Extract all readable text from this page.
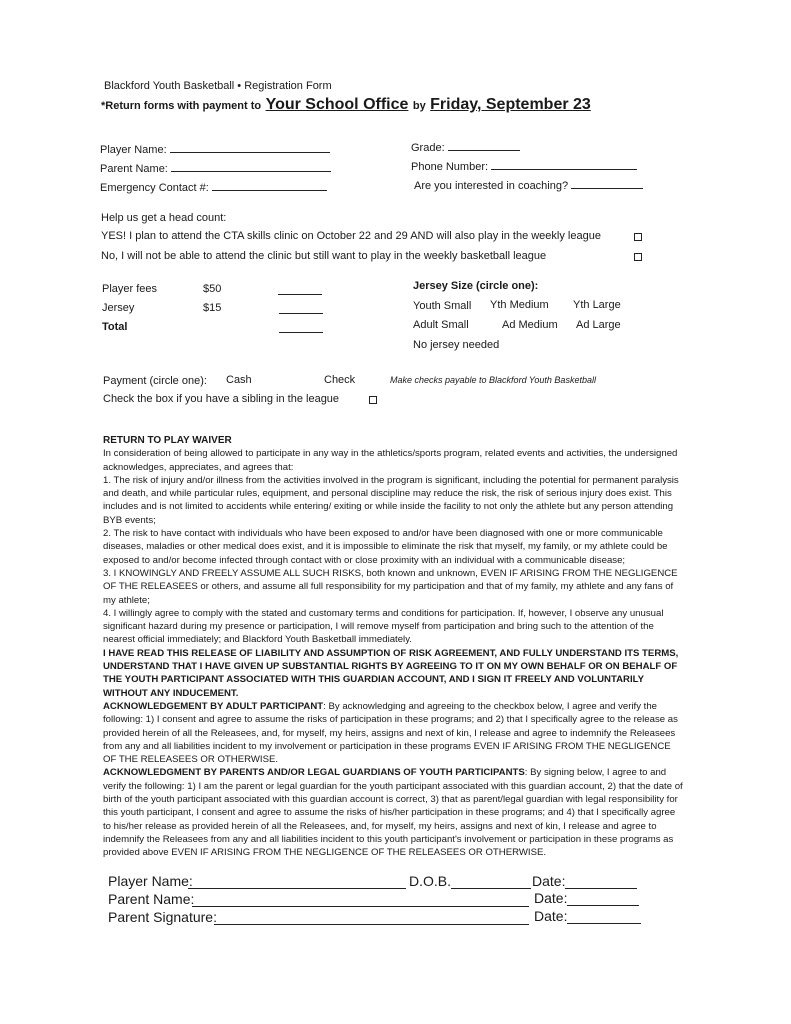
Blackford Youth Basketball • Registration Form
*Return forms with payment to Your School Office by Friday, September 23
Player Name:
Parent Name:
Emergency Contact #:
Grade:
Phone Number:
Are you interested in coaching?
Help us get a head count:
YES! I plan to attend the CTA skills clinic on October 22 and 29 AND will also play in the weekly league
No, I will not be able to attend the clinic but still want to play in the weekly basketball league
Player fees	$50
Jersey	$15
Total
Jersey Size (circle one):
Youth Small Yth Medium Yth Large
Adult Small	Ad Medium Ad Large
No jersey needed
Payment (circle one): Cash	Check	Make checks payable to Blackford Youth Basketball
Check the box if you have a sibling in the league

RETURN TO PLAY WAIVER

In consideration of being allowed to participate in any way in the athletics/sports program, related events and activities, the undersigned acknowledges, appreciates, and agrees that:

1. The risk of injury and/or illness from the activities involved in the program is significant, including the potential for permanent paralysis and death, and while particular rules, equipment, and personal discipline may reduce the risk, the risk of serious injury does exist. This includes and is not limited to accidents while entering/ exiting or while inside the facility to not only the athlete but any person attending BYB events;

2. The risk to have contact with individuals who have been exposed to and/or have been diagnosed with one or more communicable diseases, maladies or other medical does exist, and it is impossible to eliminate the risk that myself, my family, or my athlete could be exposed to and/or become infected through contact with or close proximity with an individual with a communicable disease;

3. I KNOWINGLY AND FREELY ASSUME ALL SUCH RISKS, both known and unknown, EVEN IF ARISING FROM THE NEGLIGENCE OF THE RELEASEES or others, and assume all full responsibility for my participation and that of my family, my athlete and any fans of my athlete;

4. I willingly agree to comply with the stated and customary terms and conditions for participation. If, however, I observe any unusual significant hazard during my presence or participation, I will remove myself from participation and bring such to the attention of the nearest official immediately; and Blackford Youth Basketball immediately.

I HAVE READ THIS RELEASE OF LIABILITY AND ASSUMPTION OF RISK AGREEMENT, AND FULLY UNDERSTAND ITS TERMS, UNDERSTAND THAT I HAVE GIVEN UP SUBSTANTIAL RIGHTS BY AGREEING TO IT ON MY OWN BEHALF OR ON BEHALF OF THE YOUTH PARTICIPANT ASSOCIATED WITH THIS GUARDIAN ACCOUNT, AND I SIGN IT FREELY AND VOLUNTARILY WITHOUT ANY INDUCEMENT.

ACKNOWLEDGEMENT BY ADULT PARTICIPANT: By acknowledging and agreeing to the checkbox below, I agree and verify the following: 1) I consent and agree to assume the risks of participation in these programs; and 2) that I specifically agree to the release as provided herein of all the Releasees, and, for myself, my heirs, assigns and next of kin, I release and agree to indemnify the Releasees from any and all liabilities incident to my involvement or participation in these programs EVEN IF ARISING FROM THE NEGLIGENCE OF THE RELEASEES OR OTHERWISE.

ACKNOWLEDGMENT BY PARENTS AND/OR LEGAL GUARDIANS OF YOUTH PARTICIPANTS: By signing below, I agree to and verify the following: 1) I am the parent or legal guardian for the youth participant associated with this guardian account, 2) that the date of birth of the youth participant associated with this guardian account is correct, 3) that as parent/legal guardian with legal responsibility for this youth participant, I consent and agree to assume the risks of his/her participation in these programs; and 4) that I specifically agree to his/her release as provided herein of all the Releasees, and, for myself, my heirs, assigns and next of kin, I release and agree to indemnify the Releasees from any and all liabilities incident to this youth participant's involvement or participation in these programs as provided above EVEN IF ARISING FROM THE NEGLIGENCE OF THE RELEASEES OR OTHERWISE.

Player Name:	D.O.B.	Date:
Parent Name:	Date:
Parent Signature:	Date:
